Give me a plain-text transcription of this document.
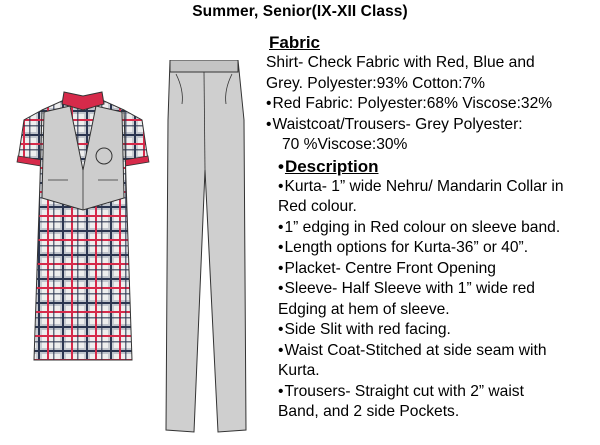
Summer, Senior(IX-XII Class)
Fabric
Shirt- Check Fabric with Red, Blue and
Grey. Polyester:93% Cotton:7%
• Red Fabric: Polyester:68% Viscose:32%
• Waistcoat/Trousers- Grey Polyester:
70 %Viscose:30%
•Description
• Kurta- 1” wide Nehru/ Mandarin Collar in
Red colour.
• 1” edging in Red colour on sleeve band.
• Length options for Kurta-36” or 40”.
• Placket- Centre Front Opening
• Sleeve- Half Sleeve with 1” wide red
Edging at hem of sleeve.
• Side Slit with red facing.
• Waist Coat-Stitched at side seam with
Kurta.
• Trousers- Straight cut with 2” waist
Band, and 2 side Pockets.
